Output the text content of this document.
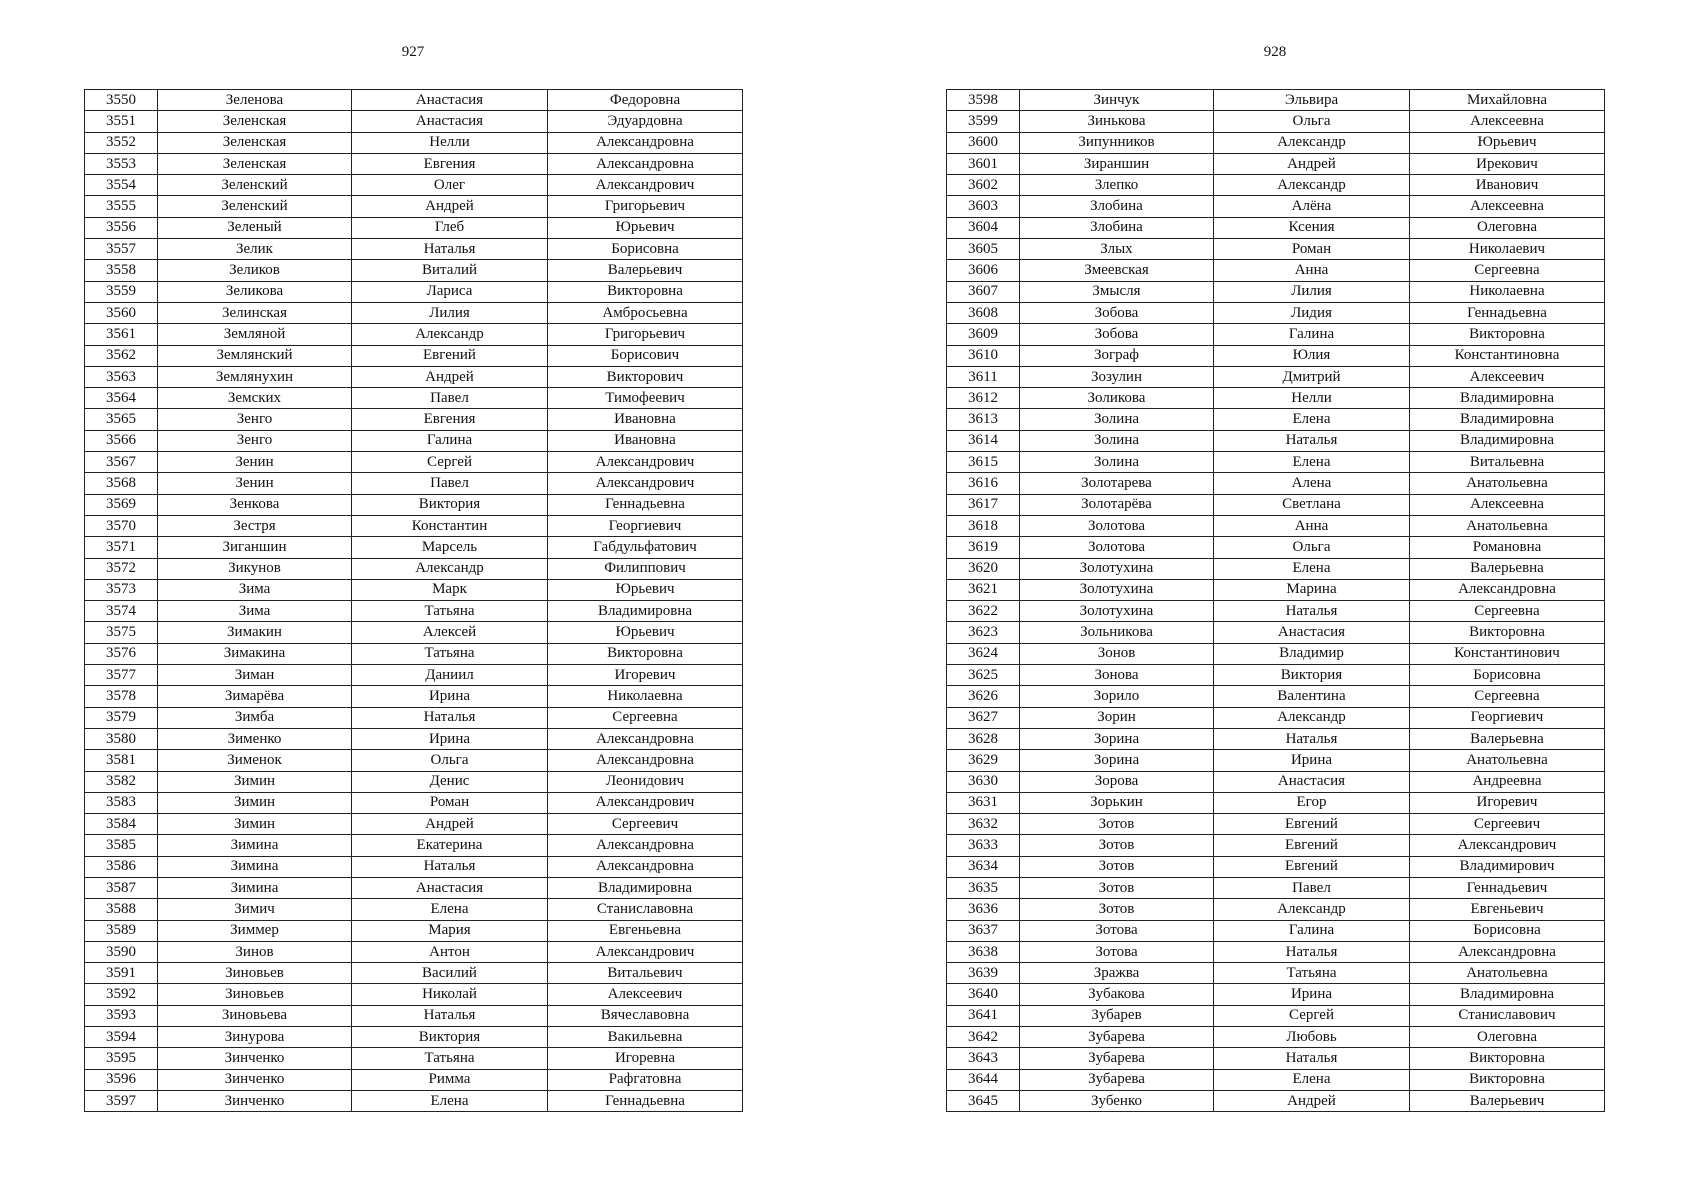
927
3550	Зеленова	Анастасия	Федоровна
3551	Зеленская	Анастасия	Эдуардовна
3552	Зеленская	Нелли	Александровна
3553	Зеленская	Евгения	Александровна
3554	Зеленский	Олег	Александрович
3555	Зеленский	Андрей	Григорьевич
3556	Зеленый	Глеб	Юрьевич
3557	Зелик	Наталья	Борисовна
3558	Зеликов	Виталий	Валерьевич
3559	Зеликова	Лариса	Викторовна
3560	Зелинская	Лилия	Амбросьевна
3561	Земляной	Александр	Григорьевич
3562	Землянский	Евгений	Борисович
3563	Землянухин	Андрей	Викторович
3564	Земских	Павел	Тимофеевич
3565	Зенго	Евгения	Ивановна
3566	Зенго	Галина	Ивановна
3567	Зенин	Сергей	Александрович
3568	Зенин	Павел	Александрович
3569	Зенкова	Виктория	Геннадьевна
3570	Зестря	Константин	Георгиевич
3571	Зиганшин	Марсель	Габдульфатович
3572	Зикунов	Александр	Филиппович
3573	Зима	Марк	Юрьевич
3574	Зима	Татьяна	Владимировна
3575	Зимакин	Алексей	Юрьевич
3576	Зимакина	Татьяна	Викторовна
3577	Зиман	Даниил	Игоревич
3578	Зимарёва	Ирина	Николаевна
3579	Зимба	Наталья	Сергеевна
3580	Зименко	Ирина	Александровна
3581	Зименок	Ольга	Александровна
3582	Зимин	Денис	Леонидович
3583	Зимин	Роман	Александрович
3584	Зимин	Андрей	Сергеевич
3585	Зимина	Екатерина	Александровна
3586	Зимина	Наталья	Александровна
3587	Зимина	Анастасия	Владимировна
3588	Зимич	Елена	Станиславовна
3589	Зиммер	Мария	Евгеньевна
3590	Зинов	Антон	Александрович
3591	Зиновьев	Василий	Витальевич
3592	Зиновьев	Николай	Алексеевич
3593	Зиновьева	Наталья	Вячеславовна
3594	Зинурова	Виктория	Вакильевна
3595	Зинченко	Татьяна	Игоревна
3596	Зинченко	Римма	Рафгатовна
3597	Зинченко	Елена	Геннадьевна
928
3598	Зинчук	Эльвира	Михайловна
3599	Зинькова	Ольга	Алексеевна
3600	Зипунников	Александр	Юрьевич
3601	Зираншин	Андрей	Ирекович
3602	Злепко	Александр	Иванович
3603	Злобина	Алёна	Алексеевна
3604	Злобина	Ксения	Олеговна
3605	Злых	Роман	Николаевич
3606	Змеевская	Анна	Сергеевна
3607	Змысля	Лилия	Николаевна
3608	Зобова	Лидия	Геннадьевна
3609	Зобова	Галина	Викторовна
3610	Зограф	Юлия	Константиновна
3611	Зозулин	Дмитрий	Алексеевич
3612	Золикова	Нелли	Владимировна
3613	Золина	Елена	Владимировна
3614	Золина	Наталья	Владимировна
3615	Золина	Елена	Витальевна
3616	Золотарева	Алена	Анатольевна
3617	Золотарёва	Светлана	Алексеевна
3618	Золотова	Анна	Анатольевна
3619	Золотова	Ольга	Романовна
3620	Золотухина	Елена	Валерьевна
3621	Золотухина	Марина	Александровна
3622	Золотухина	Наталья	Сергеевна
3623	Зольникова	Анастасия	Викторовна
3624	Зонов	Владимир	Константинович
3625	Зонова	Виктория	Борисовна
3626	Зорило	Валентина	Сергеевна
3627	Зорин	Александр	Георгиевич
3628	Зорина	Наталья	Валерьевна
3629	Зорина	Ирина	Анатольевна
3630	Зорова	Анастасия	Андреевна
3631	Зорькин	Егор	Игоревич
3632	Зотов	Евгений	Сергеевич
3633	Зотов	Евгений	Александрович
3634	Зотов	Евгений	Владимирович
3635	Зотов	Павел	Геннадьевич
3636	Зотов	Александр	Евгеньевич
3637	Зотова	Галина	Борисовна
3638	Зотова	Наталья	Александровна
3639	Зражва	Татьяна	Анатольевна
3640	Зубакова	Ирина	Владимировна
3641	Зубарев	Сергей	Станиславович
3642	Зубарева	Любовь	Олеговна
3643	Зубарева	Наталья	Викторовна
3644	Зубарева	Елена	Викторовна
3645	Зубенко	Андрей	Валерьевич
